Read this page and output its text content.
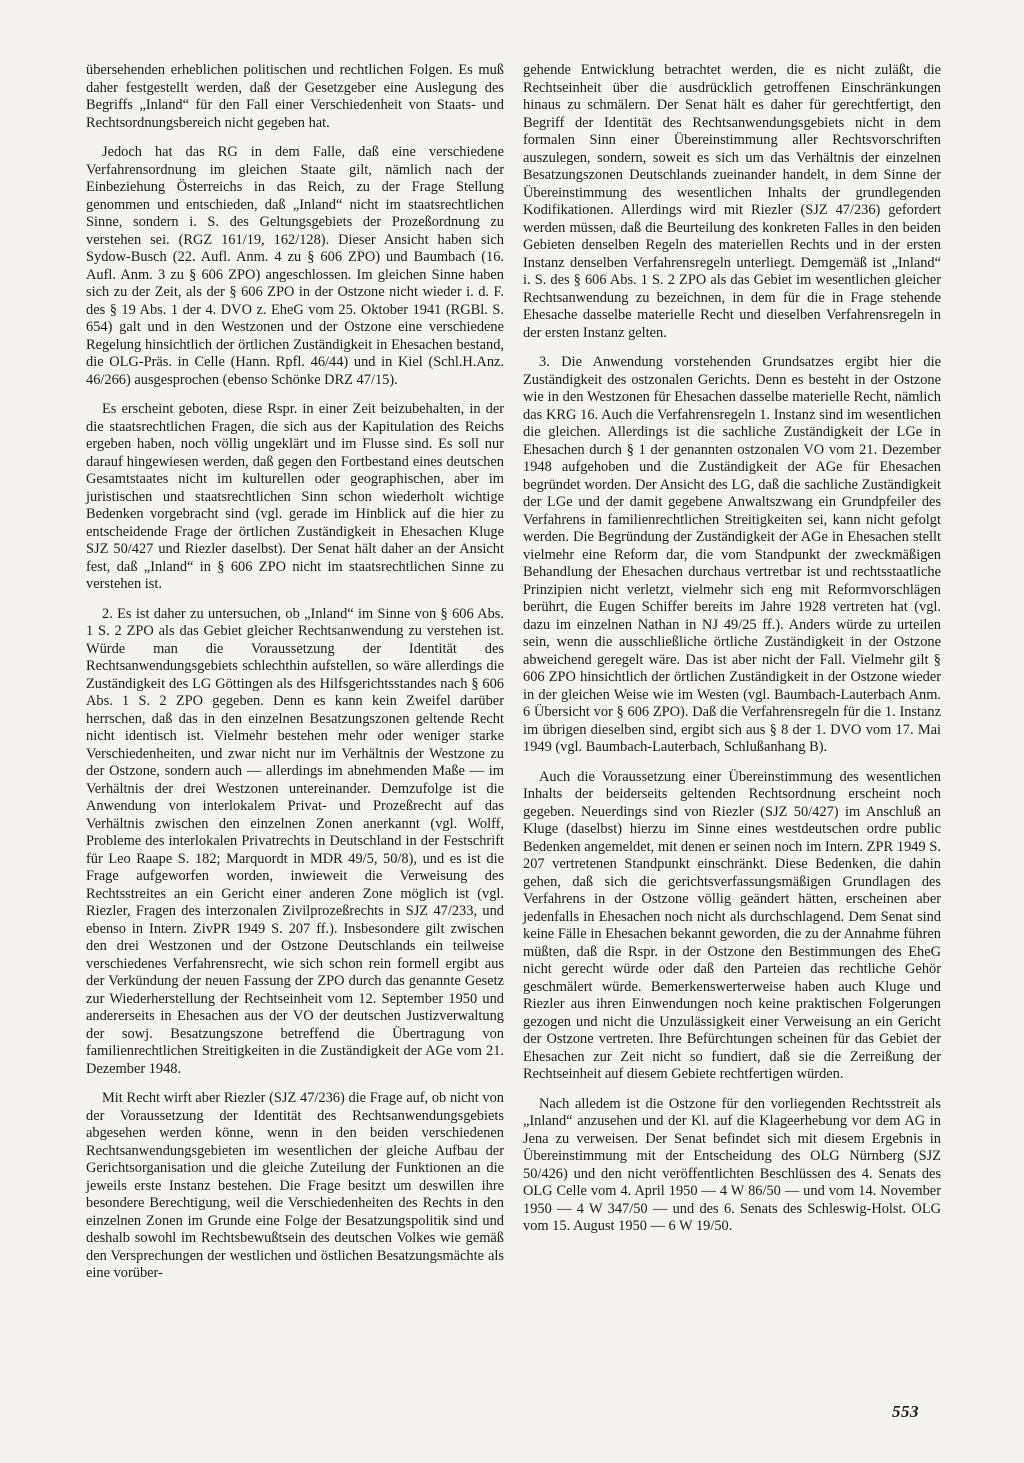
übersehenden erheblichen politischen und rechtlichen Folgen. Es muß daher festgestellt werden, daß der Gesetzgeber eine Auslegung des Begriffs „Inland“ für den Fall einer Verschiedenheit von Staats- und Rechtsordnungsbereich nicht gegeben hat.

Jedoch hat das RG in dem Falle, daß eine verschiedene Verfahrensordnung im gleichen Staate gilt, nämlich nach der Einbeziehung Österreichs in das Reich, zu der Frage Stellung genommen und entschieden, daß „Inland“ nicht im staatsrechtlichen Sinne, sondern i. S. des Geltungsgebiets der Prozeßordnung zu verstehen sei. (RGZ 161/19, 162/128). Dieser Ansicht haben sich Sydow-Busch (22. Aufl. Anm. 4 zu § 606 ZPO) und Baumbach (16. Aufl. Anm. 3 zu § 606 ZPO) angeschlossen. Im gleichen Sinne haben sich zu der Zeit, als der § 606 ZPO in der Ostzone nicht wieder i. d. F. des § 19 Abs. 1 der 4. DVO z. EheG vom 25. Oktober 1941 (RGBl. S. 654) galt und in den Westzonen und der Ostzone eine verschiedene Regelung hinsichtlich der örtlichen Zuständigkeit in Ehesachen bestand, die OLG-Präs. in Celle (Hann. Rpfl. 46/44) und in Kiel (Schl.H.Anz. 46/266) ausgesprochen (ebenso Schönke DRZ 47/15).

Es erscheint geboten, diese Rspr. in einer Zeit beizubehalten, in der die staatsrechtlichen Fragen, die sich aus der Kapitulation des Reichs ergeben haben, noch völlig ungeklärt und im Flusse sind. Es soll nur darauf hingewiesen werden, daß gegen den Fortbestand eines deutschen Gesamtstaates nicht im kulturellen oder geographischen, aber im juristischen und staatsrechtlichen Sinn schon wiederholt wichtige Bedenken vorgebracht sind (vgl. gerade im Hinblick auf die hier zu entscheidende Frage der örtlichen Zuständigkeit in Ehesachen Kluge SJZ 50/427 und Riezler daselbst). Der Senat hält daher an der Ansicht fest, daß „Inland“ in § 606 ZPO nicht im staatsrechtlichen Sinne zu verstehen ist.

2. Es ist daher zu untersuchen, ob „Inland“ im Sinne von § 606 Abs. 1 S. 2 ZPO als das Gebiet gleicher Rechtsanwendung zu verstehen ist. Würde man die Voraussetzung der Identität des Rechtsanwendungsgebiets schlechthin aufstellen, so wäre allerdings die Zuständigkeit des LG Göttingen als des Hilfsgerichtsstandes nach § 606 Abs. 1 S. 2 ZPO gegeben. Denn es kann kein Zweifel darüber herrschen, daß das in den einzelnen Besatzungszonen geltende Recht nicht identisch ist. Vielmehr bestehen mehr oder weniger starke Verschiedenheiten, und zwar nicht nur im Verhältnis der Westzone zu der Ostzone, sondern auch — allerdings im abnehmenden Maße — im Verhältnis der drei Westzonen untereinander. Demzufolge ist die Anwendung von interlokalem Privat- und Prozeßrecht auf das Verhältnis zwischen den einzelnen Zonen anerkannt (vgl. Wolff, Probleme des interlokalen Privatrechts in Deutschland in der Festschrift für Leo Raape S. 182; Marquordt in MDR 49/5, 50/8), und es ist die Frage aufgeworfen worden, inwieweit die Verweisung des Rechtsstreites an ein Gericht einer anderen Zone möglich ist (vgl. Riezler, Fragen des interzonalen Zivilprozeßrechts in SJZ 47/233, und ebenso in Intern. ZivPR 1949 S. 207 ff.). Insbesondere gilt zwischen den drei Westzonen und der Ostzone Deutschlands ein teilweise verschiedenes Verfahrensrecht, wie sich schon rein formell ergibt aus der Verkündung der neuen Fassung der ZPO durch das genannte Gesetz zur Wiederherstellung der Rechtseinheit vom 12. September 1950 und andererseits in Ehesachen aus der VO der deutschen Justizverwaltung der sowj. Besatzungszone betreffend die Übertragung von familienrechtlichen Streitigkeiten in die Zuständigkeit der AGe vom 21. Dezember 1948.

Mit Recht wirft aber Riezler (SJZ 47/236) die Frage auf, ob nicht von der Voraussetzung der Identität des Rechtsanwendungsgebiets abgesehen werden könne, wenn in den beiden verschiedenen Rechtsanwendungsgebieten im wesentlichen der gleiche Aufbau der Gerichtsorganisation und die gleiche Zuteilung der Funktionen an die jeweils erste Instanz bestehen. Die Frage besitzt um deswillen ihre besondere Berechtigung, weil die Verschiedenheiten des Rechts in den einzelnen Zonen im Grunde eine Folge der Besatzungspolitik sind und deshalb sowohl im Rechtsbewußtsein des deutschen Volkes wie gemäß den Versprechungen der westlichen und östlichen Besatzungsmächte als eine vorüber-

gehende Entwicklung betrachtet werden, die es nicht zuläßt, die Rechtseinheit über die ausdrücklich getroffenen Einschränkungen hinaus zu schmälern. Der Senat hält es daher für gerechtfertigt, den Begriff der Identität des Rechtsanwendungsgebiets nicht in dem formalen Sinn einer Übereinstimmung aller Rechtsvorschriften auszulegen, sondern, soweit es sich um das Verhältnis der einzelnen Besatzungszonen Deutschlands zueinander handelt, in dem Sinne der Übereinstimmung des wesentlichen Inhalts der grundlegenden Kodifikationen. Allerdings wird mit Riezler (SJZ 47/236) gefordert werden müssen, daß die Beurteilung des konkreten Falles in den beiden Gebieten denselben Regeln des materiellen Rechts und in der ersten Instanz denselben Verfahrensregeln unterliegt. Demgemäß ist „Inland“ i. S. des § 606 Abs. 1 S. 2 ZPO als das Gebiet im wesentlichen gleicher Rechtsanwendung zu bezeichnen, in dem für die in Frage stehende Ehesache dasselbe materielle Recht und dieselben Verfahrensregeln in der ersten Instanz gelten.

3. Die Anwendung vorstehenden Grundsatzes ergibt hier die Zuständigkeit des ostzonalen Gerichts. Denn es besteht in der Ostzone wie in den Westzonen für Ehesachen dasselbe materielle Recht, nämlich das KRG 16. Auch die Verfahrensregeln 1. Instanz sind im wesentlichen die gleichen. Allerdings ist die sachliche Zuständigkeit der LGe in Ehesachen durch § 1 der genannten ostzonalen VO vom 21. Dezember 1948 aufgehoben und die Zuständigkeit der AGe für Ehesachen begründet worden. Der Ansicht des LG, daß die sachliche Zuständigkeit der LGe und der damit gegebene Anwaltszwang ein Grundpfeiler des Verfahrens in familienrechtlichen Streitigkeiten sei, kann nicht gefolgt werden. Die Begründung der Zuständigkeit der AGe in Ehesachen stellt vielmehr eine Reform dar, die vom Standpunkt der zweckmäßigen Behandlung der Ehesachen durchaus vertretbar ist und rechtsstaatliche Prinzipien nicht verletzt, vielmehr sich eng mit Reformvorschlägen berührt, die Eugen Schiffer bereits im Jahre 1928 vertreten hat (vgl. dazu im einzelnen Nathan in NJ 49/25 ff.). Anders würde zu urteilen sein, wenn die ausschließliche örtliche Zuständigkeit in der Ostzone abweichend geregelt wäre. Das ist aber nicht der Fall. Vielmehr gilt § 606 ZPO hinsichtlich der örtlichen Zuständigkeit in der Ostzone wieder in der gleichen Weise wie im Westen (vgl. Baumbach-Lauterbach Anm. 6 Übersicht vor § 606 ZPO). Daß die Verfahrensregeln für die 1. Instanz im übrigen dieselben sind, ergibt sich aus § 8 der 1. DVO vom 17. Mai 1949 (vgl. Baumbach-Lauterbach, Schlußanhang B).

Auch die Voraussetzung einer Übereinstimmung des wesentlichen Inhalts der beiderseits geltenden Rechtsordnung erscheint noch gegeben. Neuerdings sind von Riezler (SJZ 50/427) im Anschluß an Kluge (daselbst) hierzu im Sinne eines westdeutschen ordre public Bedenken angemeldet, mit denen er seinen noch im Intern. ZPR 1949 S. 207 vertretenen Standpunkt einschränkt. Diese Bedenken, die dahin gehen, daß sich die gerichtsverfassungsmäßigen Grundlagen des Verfahrens in der Ostzone völlig geändert hätten, erscheinen aber jedenfalls in Ehesachen noch nicht als durchschlagend. Dem Senat sind keine Fälle in Ehesachen bekannt geworden, die zu der Annahme führen müßten, daß die Rspr. in der Ostzone den Bestimmungen des EheG nicht gerecht würde oder daß den Parteien das rechtliche Gehör geschmälert würde. Bemerkenswerterweise haben auch Kluge und Riezler aus ihren Einwendungen noch keine praktischen Folgerungen gezogen und nicht die Unzulässigkeit einer Verweisung an ein Gericht der Ostzone vertreten. Ihre Befürchtungen scheinen für das Gebiet der Ehesachen zur Zeit nicht so fundiert, daß sie die Zerreißung der Rechtseinheit auf diesem Gebiete rechtfertigen würden.

Nach alledem ist die Ostzone für den vorliegenden Rechtsstreit als „Inland“ anzusehen und der Kl. auf die Klageerhebung vor dem AG in Jena zu verweisen. Der Senat befindet sich mit diesem Ergebnis in Übereinstimmung mit der Entscheidung des OLG Nürnberg (SJZ 50/426) und den nicht veröffentlichten Beschlüssen des 4. Senats des OLG Celle vom 4. April 1950 — 4 W 86/50 — und vom 14. November 1950 — 4 W 347/50 — und des 6. Senats des Schleswig-Holst. OLG vom 15. August 1950 — 6 W 19/50.

553
